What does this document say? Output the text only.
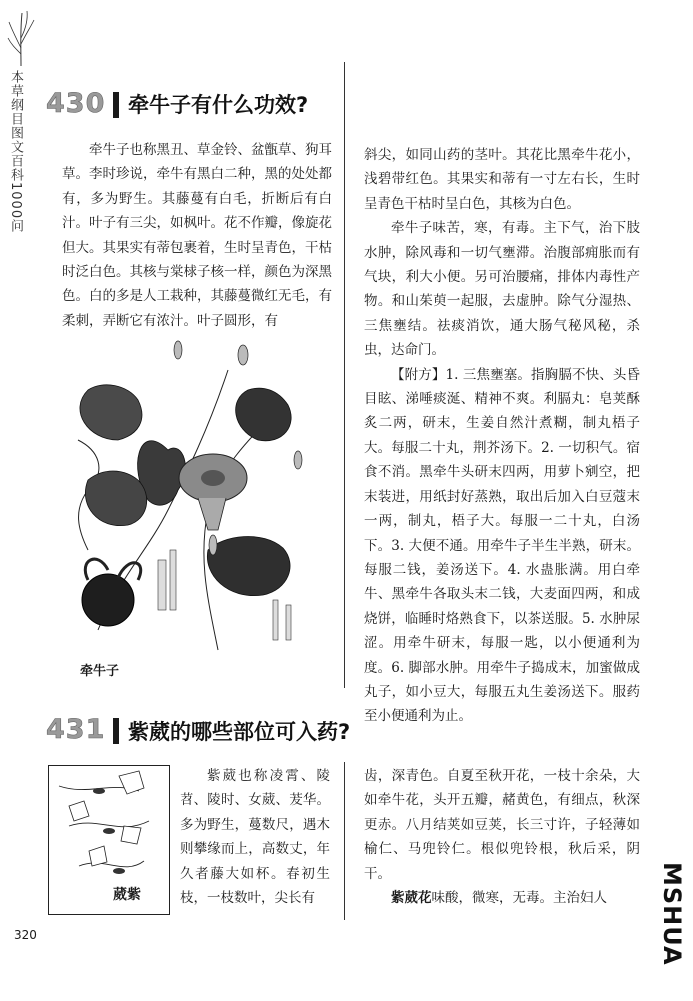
本草纲目图文百科1000问 430 牵牛子有什么功效?

牵牛子也称黑丑、草金铃、盆甑草、狗耳草。李时珍说，牵牛有黑白二种，黑的处处都有，多为野生。其藤蔓有白毛，折断后有白汁。叶子有三尖，如枫叶。花不作瓣，像旋花但大。其果实有蒂包裹着，生时呈青色，干枯时泛白色。其核与棠梂子核一样，颜色为深黑色。白的多是人工栽种，其藤蔓微红无毛，有柔刺，弄断它有浓汁。叶子圆形，有

牵牛子

斜尖，如同山药的茎叶。其花比黑牵牛花小，浅碧带红色。其果实和蒂有一寸左右长，生时呈青色干枯时呈白色，其核为白色。

牵牛子味苦，寒，有毒。主下气，治下肢水肿，除风毒和一切气壅滞。治腹部痈胀而有气块，利大小便。另可治腰痛，排体内毒性产物。和山茱萸一起服，去虚肿。除气分湿热、三焦壅结。祛痰消饮，通大肠气秘风秘，杀虫，达命门。

【附方】1. 三焦壅塞。指胸膈不快、头昏目眩、涕唾痰涎、精神不爽。利膈丸：皂荚酥炙二两，研末，生姜自然汁煮糊，制丸梧子大。每服二十丸，荆芥汤下。2. 一切积气。宿食不消。黑牵牛头研末四两，用萝卜剜空，把末装进，用纸封好蒸熟，取出后加入白豆蔻末一两，制丸，梧子大。每服一二十丸，白汤下。3. 大便不通。用牵牛子半生半熟，研末。每服二钱，姜汤送下。4. 水蛊胀满。用白牵牛、黑牵牛各取头末二钱，大麦面四两，和成烧饼，临睡时烙熟食下，以茶送服。5. 水肿尿涩。用牵牛研末，每服一匙，以小便通利为度。6. 脚部水肿。用牵牛子捣成末，加蜜做成丸子，如小豆大，每服五丸生姜汤送下。服药至小便通利为止。

431 紫葳的哪些部位可入药?
葳紫

紫葳也称凌霄、陵苕、陵时、女葳、茇华。多为野生，蔓数尺，遇木则攀缘而上，高数丈，年久者藤大如杯。春初生枝，一枝数叶，尖长有

齿，深青色。自夏至秋开花，一枝十余朵，大如牵牛花，头开五瓣，赭黄色，有细点，秋深更赤。八月结荚如豆荚，长三寸许，子轻薄如榆仁、马兜铃仁。根似兜铃根，秋后采，阴干。

紫葳花味酸，微寒，无毒。主治妇人

320	MSHUA
